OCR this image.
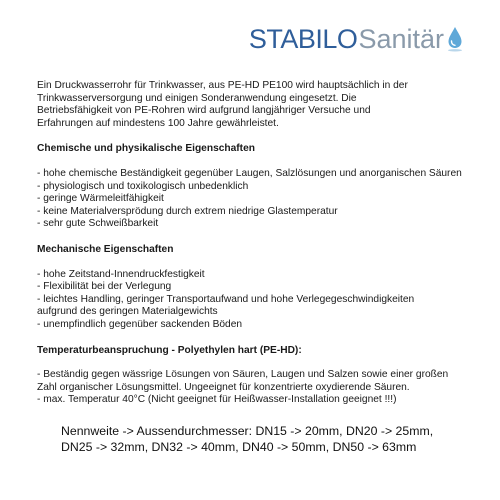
STABILO Sanitär

Ein Druckwasserrohr für Trinkwasser, aus PE-HD PE100 wird hauptsächlich in der

Trinkwasserversorgung und einigen Sonderanwendung eingesetzt. Die

Betriebsfähigkeit von PE-Rohren wird aufgrund langjähriger Versuche und

Erfahrungen auf mindestens 100 Jahre gewährleistet.

Chemische und physikalische Eigenschaften

- hohe chemische Beständigkeit gegenüber Laugen, Salzlösungen und anorganischen Säuren

- physiologisch und toxikologisch unbedenklich

- geringe Wärmeleitfähigkeit

- keine Materialversprödung durch extrem niedrige Glastemperatur

- sehr gute Schweißbarkeit

Mechanische Eigenschaften

- hohe Zeitstand-Innendruckfestigkeit

- Flexibilität bei der Verlegung

- leichtes Handling, geringer Transportaufwand und hohe Verlegegeschwindigkeiten

aufgrund des geringen Materialgewichts

- unempfindlich gegenüber sackenden Böden

Temperaturbeanspruchung - Polyethylen hart (PE-HD):

- Beständig gegen wässrige Lösungen von Säuren, Laugen und Salzen sowie einer großen

Zahl organischer Lösungsmittel. Ungeeignet für konzentrierte oxydierende Säuren.

- max. Temperatur 40°C (Nicht geeignet für Heißwasser-Installation geeignet !!!)

Nennweite -> Aussendurchmesser: DN15 -> 20mm, DN20 -> 25mm,

DN25 -> 32mm, DN32 -> 40mm, DN40 -> 50mm, DN50 -> 63mm
